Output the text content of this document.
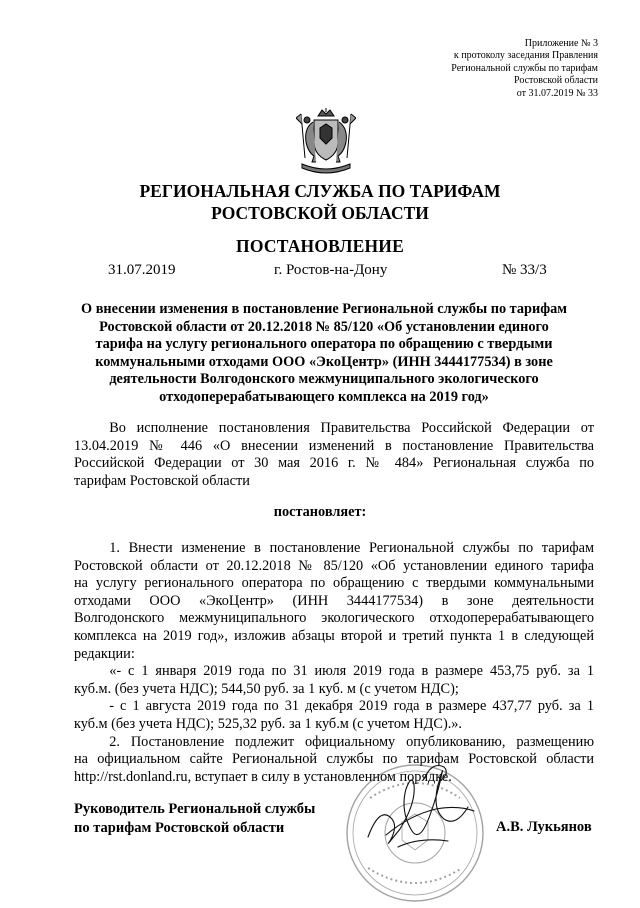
Приложение № 3
к протоколу заседания Правления
Региональной службы по тарифам
Ростовской области
от 31.07.2019 № 33
РЕГИОНАЛЬНАЯ СЛУЖБА ПО ТАРИФАМ
РОСТОВСКОЙ ОБЛАСТИ
ПОСТАНОВЛЕНИЕ
31.07.2019	г. Ростов-на-Дону	№ 33/3
О внесении изменения в постановление Региональной службы по тарифам
Ростовской области от 20.12.2018 № 85/120 «Об установлении единого
тарифа на услугу регионального оператора по обращению с твердыми
коммунальными отходами ООО «ЭкоЦентр» (ИНН 3444177534) в зоне
деятельности Волгодонского межмуниципального экологического
отходоперерабатывающего комплекса на 2019 год»
Во исполнение постановления Правительства Российской Федерации от
13.04.2019 № 446 «О внесении изменений в постановление Правительства
Российской Федерации от 30 мая 2016 г. № 484» Региональная служба по
тарифам Ростовской области
постановляет:
1. Внести изменение в постановление Региональной службы по тарифам
Ростовской области от 20.12.2018 № 85/120 «Об установлении единого тарифа
на услугу регионального оператора по обращению с твердыми коммунальными
отходами ООО «ЭкоЦентр» (ИНН 3444177534) в зоне деятельности
Волгодонского межмуниципального экологического отходоперерабатывающего
комплекса на 2019 год», изложив абзацы второй и третий пункта 1 в следующей
редакции:
«- с 1 января 2019 года по 31 июля 2019 года в размере 453,75 руб. за 1
куб.м. (без учета НДС); 544,50 руб. за 1 куб. м (с учетом НДС);
- с 1 августа 2019 года по 31 декабря 2019 года в размере 437,77 руб. за 1
куб.м (без учета НДС); 525,32 руб. за 1 куб.м (с учетом НДС).».
2. Постановление подлежит официальному опубликованию, размещению
на официальном сайте Региональной службы по тарифам Ростовской области
http://rst.donland.ru, вступает в силу в установленном порядке.
Руководитель Региональной службы
по тарифам Ростовской области	А.В. Лукьянов
